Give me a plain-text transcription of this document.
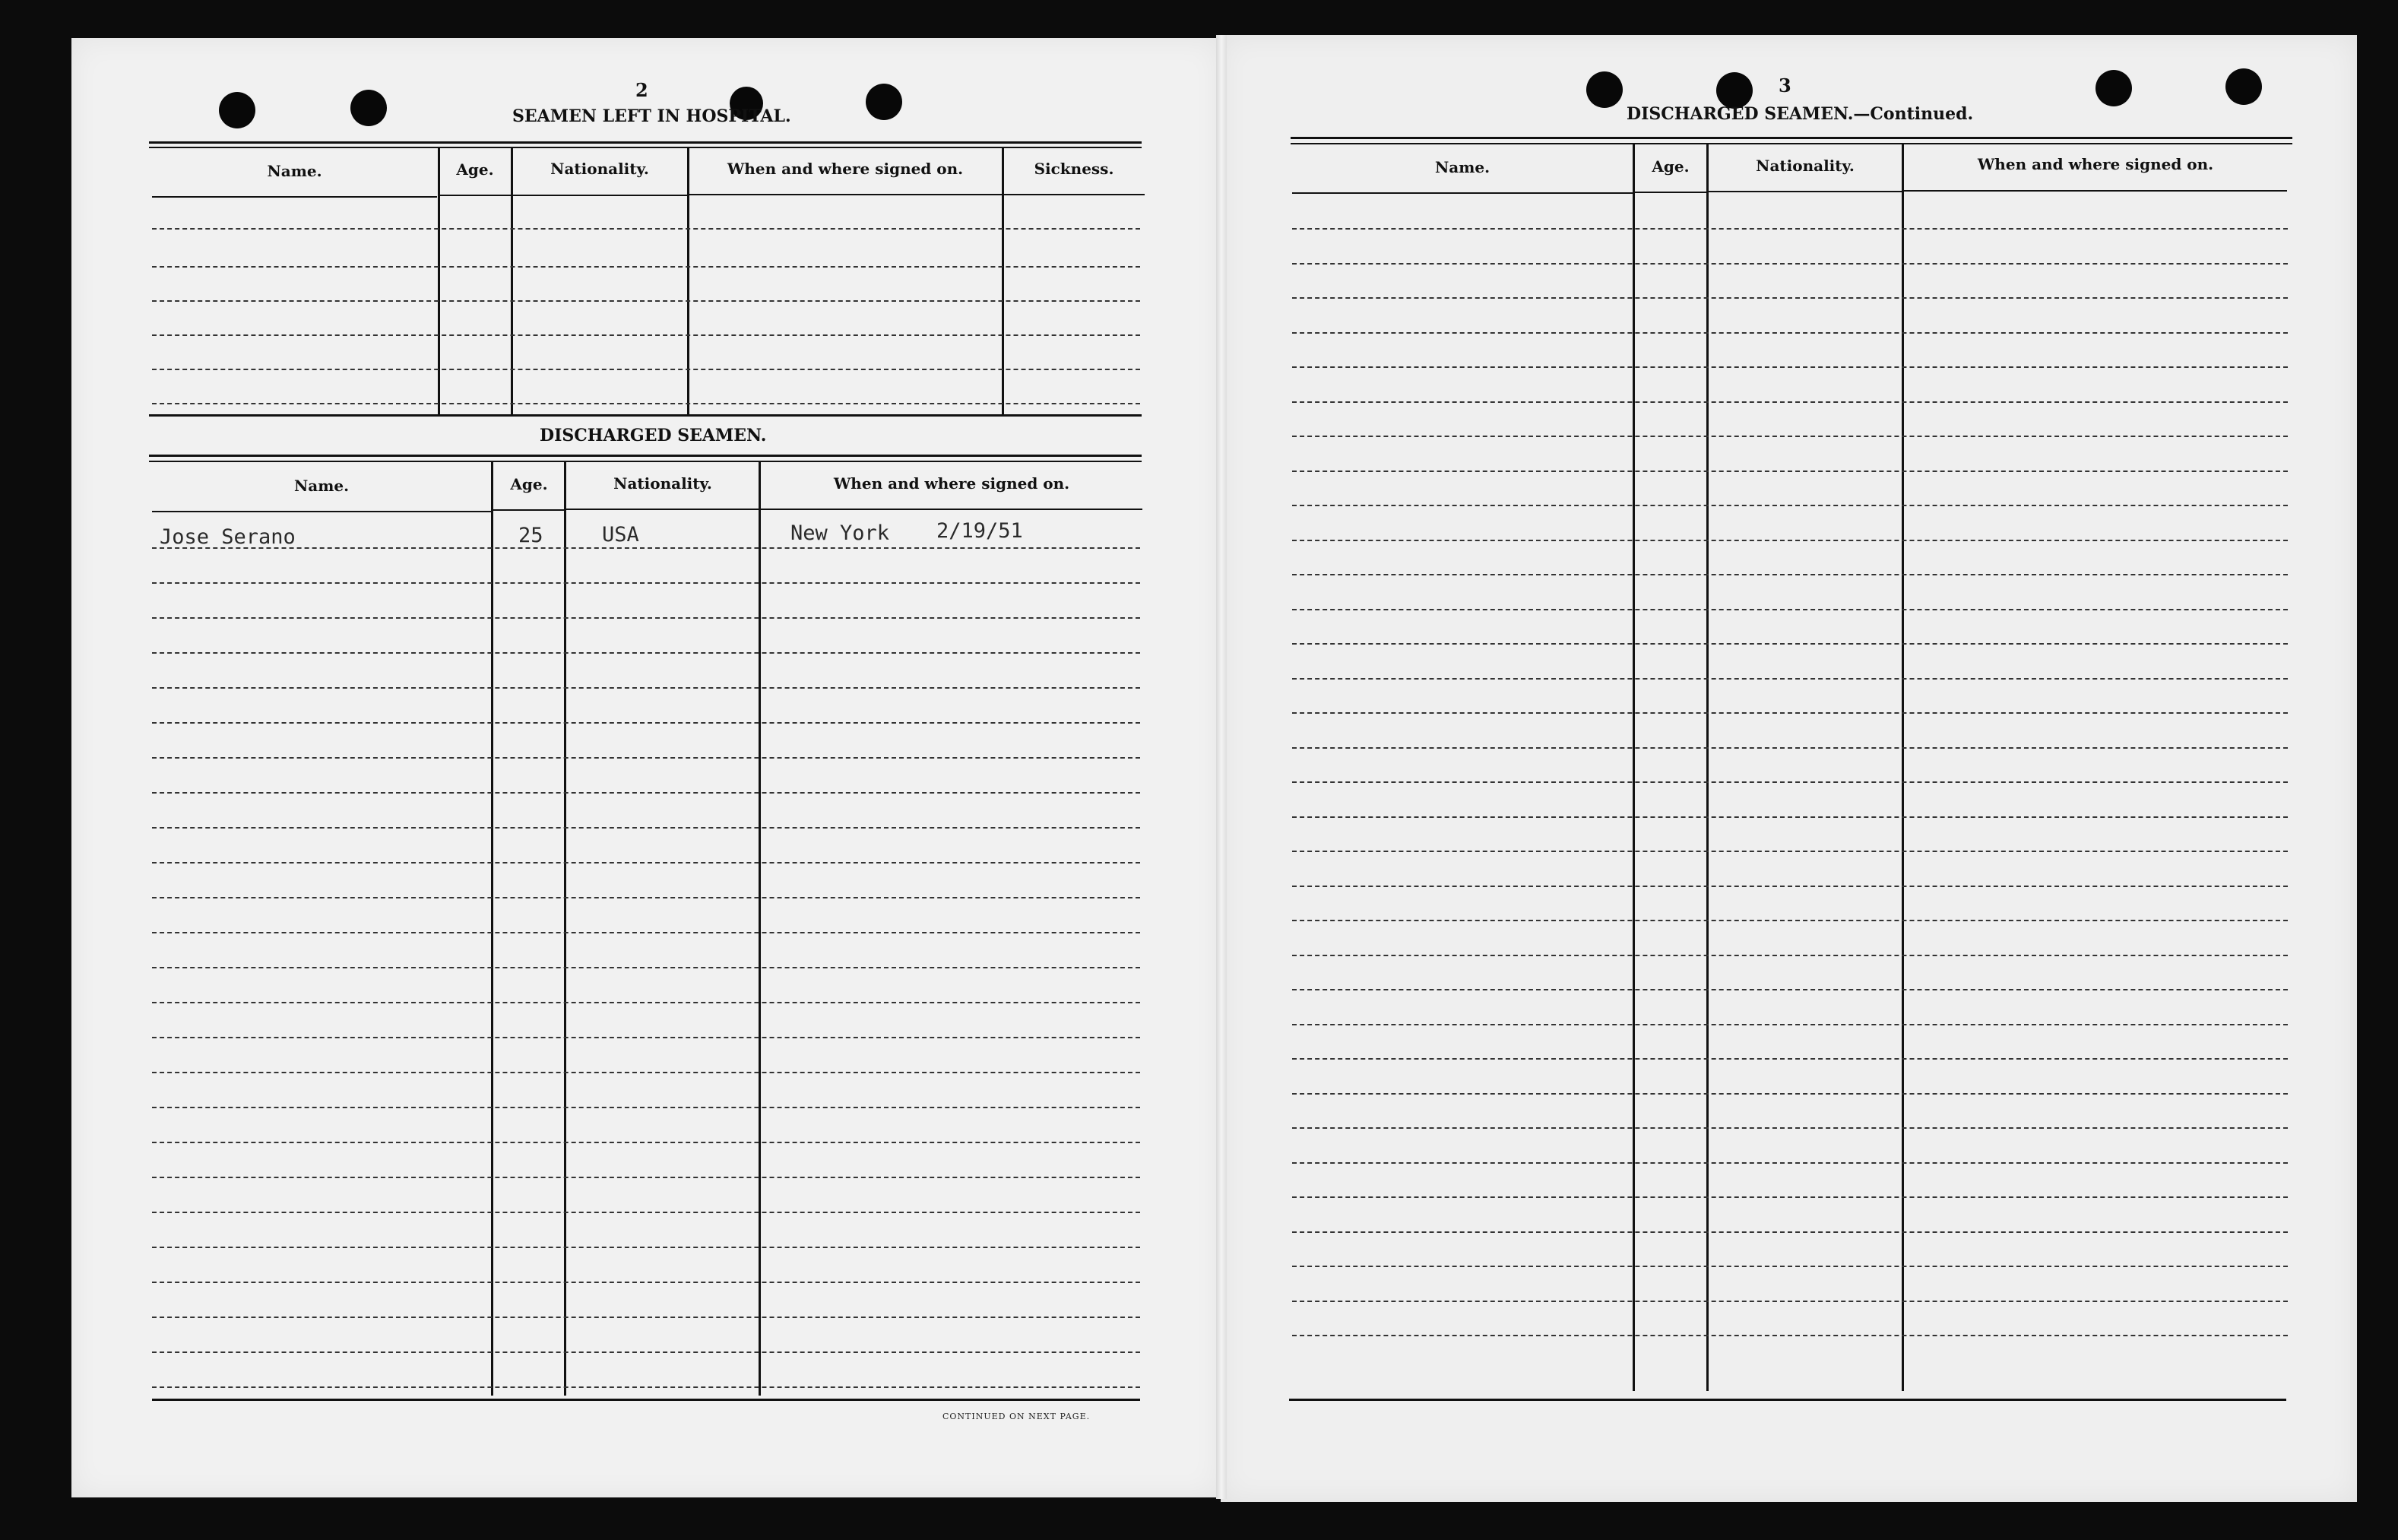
2
SEAMEN LEFT IN HOSPITAL.
Name.	Age.	Nationality.	When and where signed on.	Sickness.
DISCHARGED SEAMEN.
Name.	Age.	Nationality.	When and where signed on.
Jose Serano	25	USA	New York 2/19/51
CONTINUED ON NEXT PAGE.
3
DISCHARGED SEAMEN.—Continued.
Name.	Age.	Nationality.	When and where signed on.
